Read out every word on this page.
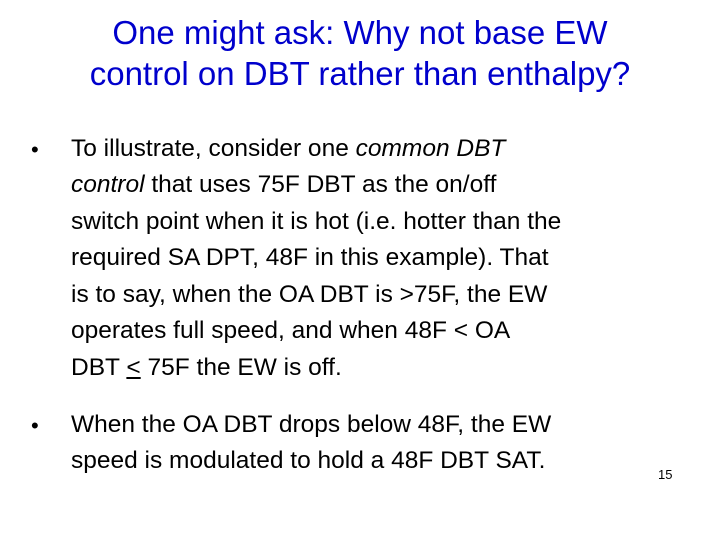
One might ask: Why not base EW
control on DBT rather than enthalpy?
• To illustrate, consider one common DBT
control that uses 75F DBT as the on/off
switch point when it is hot (i.e. hotter than the
required SA DPT, 48F in this example). That
is to say, when the OA DBT is >75F, the EW
operates full speed, and when 48F < OA
DBT ≤ 75F the EW is off.
• When the OA DBT drops below 48F, the EW
speed is modulated to hold a 48F DBT SAT.
15
